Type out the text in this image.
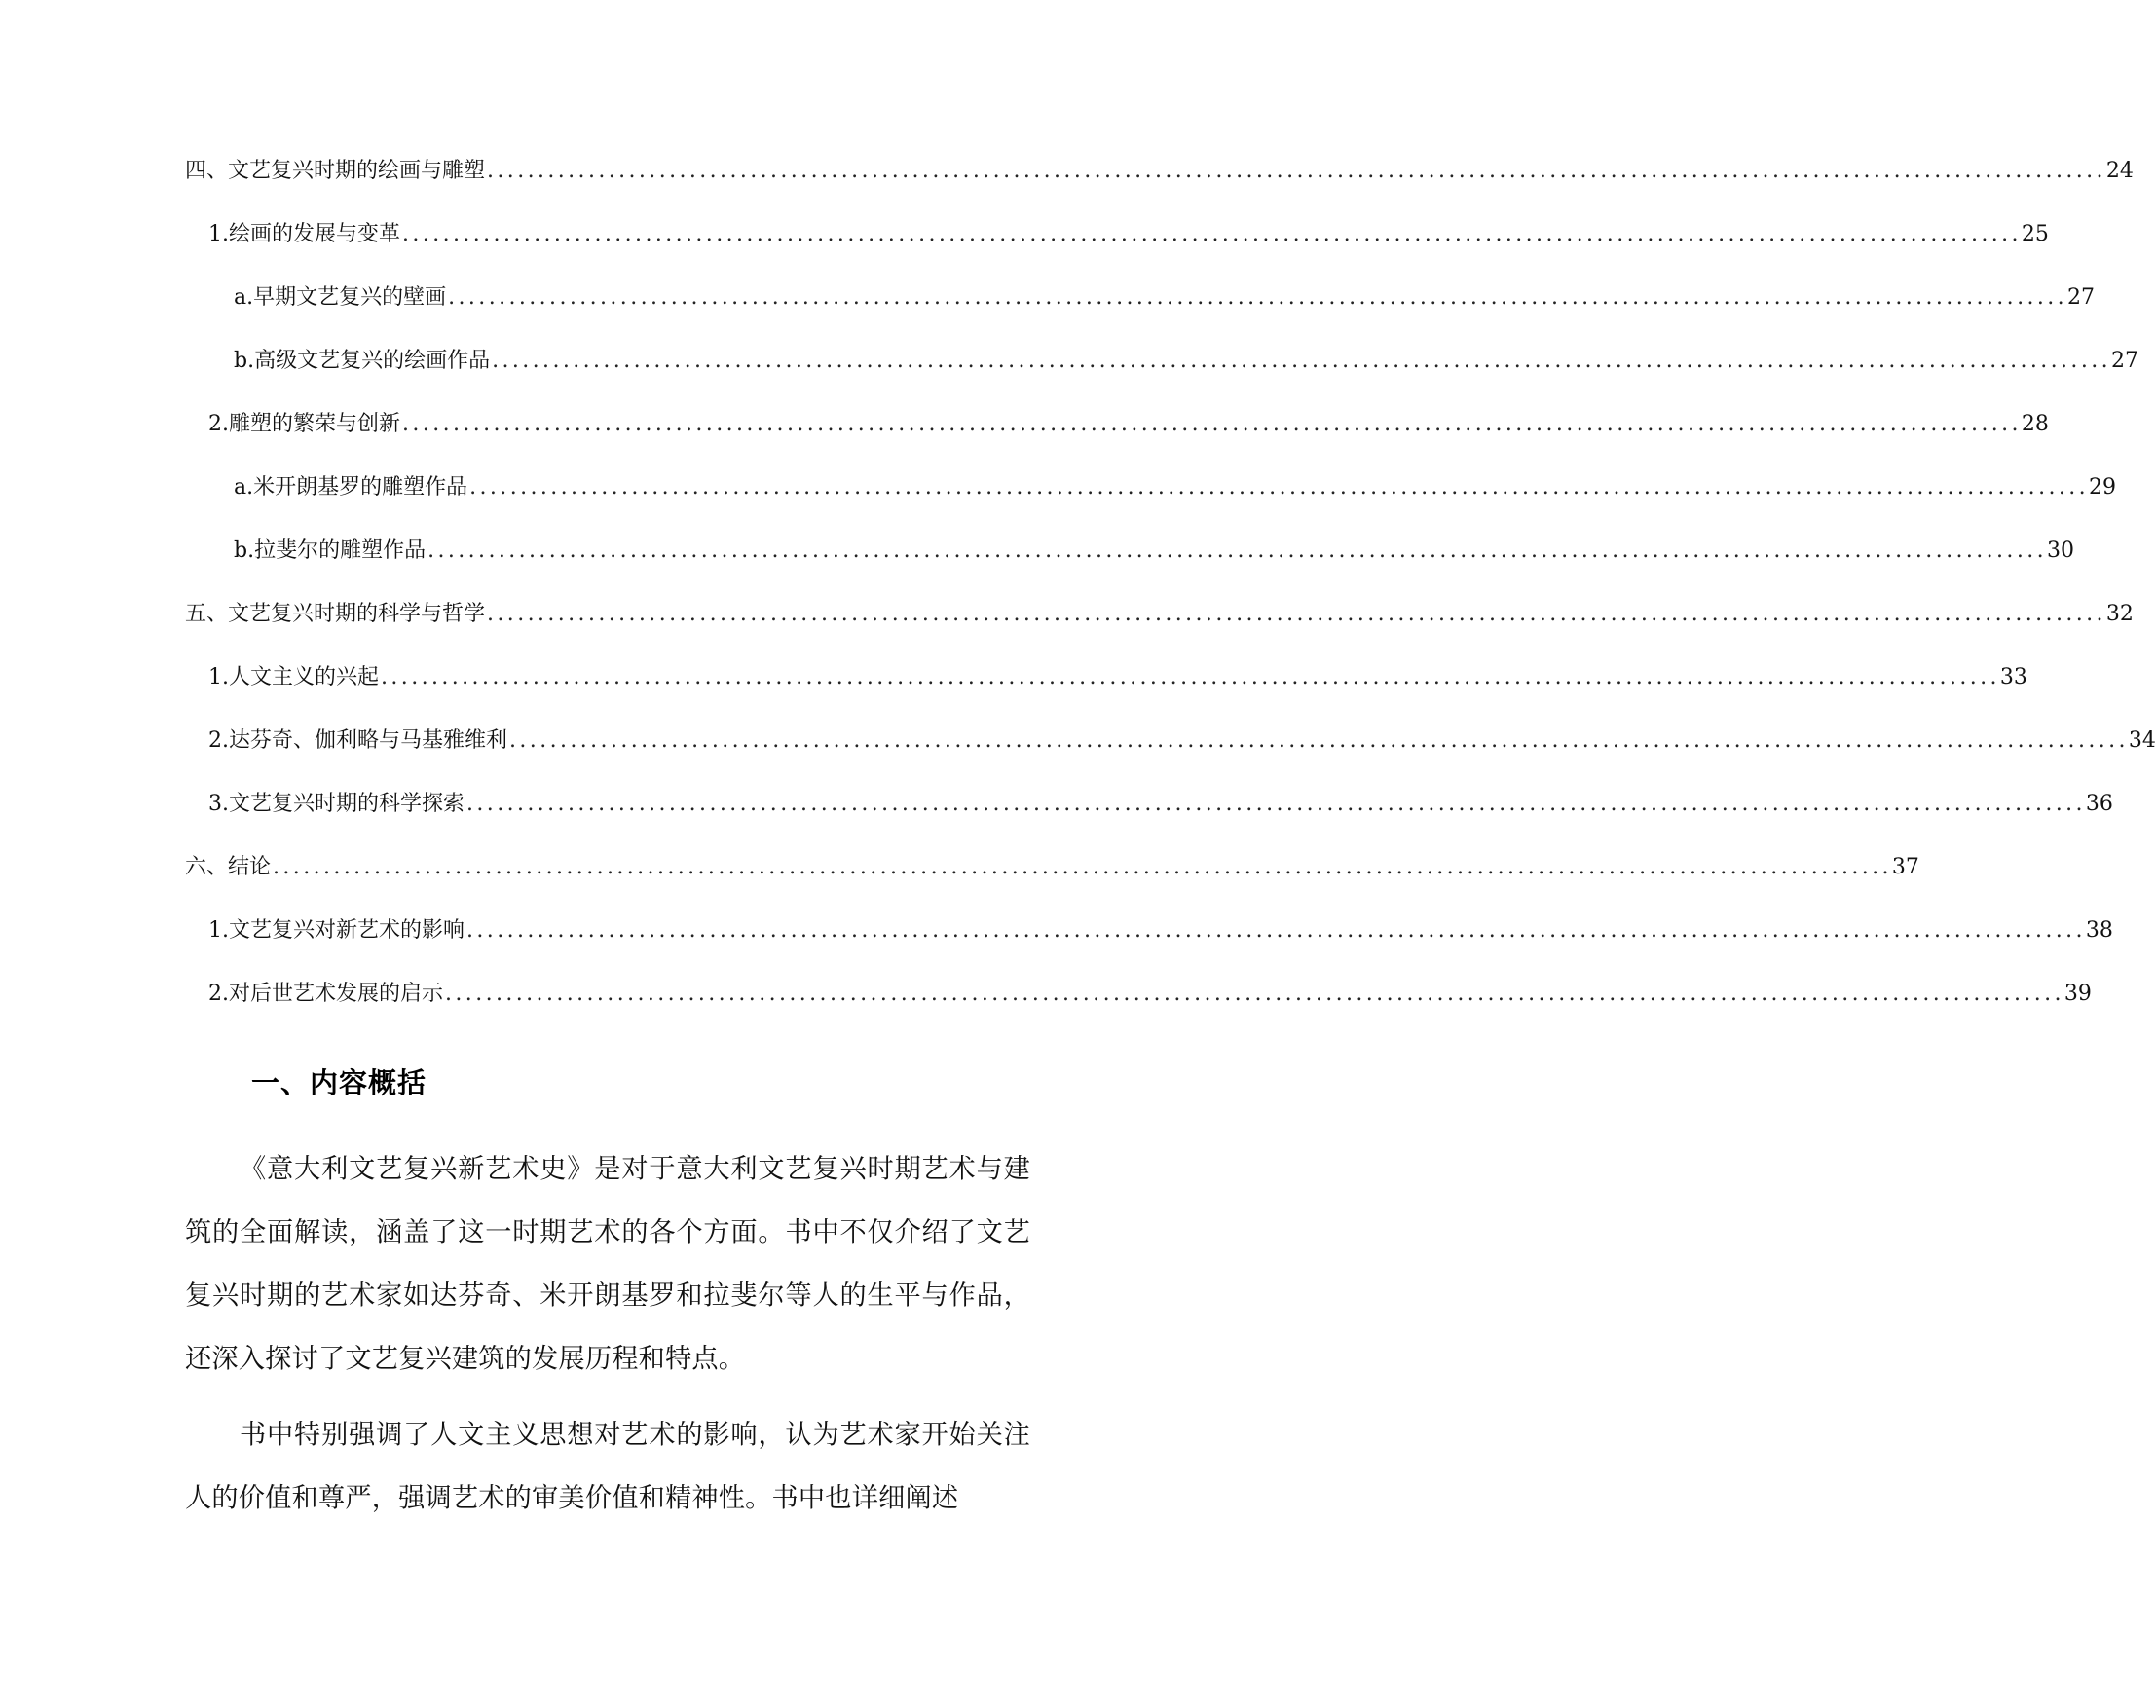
四、文艺复兴时期的绘画与雕塑 ................................................................................................................................................................ 24
1. 绘画的发展与变革 ................................................................................................................................................................ 25
a. 早期文艺复兴的壁画 ................................................................................................................................................................ 27
b. 高级文艺复兴的绘画作品 ................................................................................................................................................................ 27
2. 雕塑的繁荣与创新 ................................................................................................................................................................ 28
a. 米开朗基罗的雕塑作品 ................................................................................................................................................................ 29
b. 拉斐尔的雕塑作品 ................................................................................................................................................................ 30
五、文艺复兴时期的科学与哲学 ................................................................................................................................................................ 32
1. 人文主义的兴起 ................................................................................................................................................................ 33
2. 达芬奇、伽利略与马基雅维利 ................................................................................................................................................................ 34
3. 文艺复兴时期的科学探索 ................................................................................................................................................................ 36
六、结论 ................................................................................................................................................................ 37
1. 文艺复兴对新艺术的影响 ................................................................................................................................................................ 38
2. 对后世艺术发展的启示 ................................................................................................................................................................ 39
一、内容概括

《意大利文艺复兴新艺术史》是对于意大利文艺复兴时期艺术与建筑的全面解读，涵盖了这一时期艺术的各个方面。书中不仅介绍了文艺复兴时期的艺术家如达芬奇、米开朗基罗和拉斐尔等人的生平与作品，还深入探讨了文艺复兴建筑的发展历程和特点。

书中特别强调了人文主义思想对艺术的影响，认为艺术家开始关注人的价值和尊严，强调艺术的审美价值和精神性。书中也详细阐述
